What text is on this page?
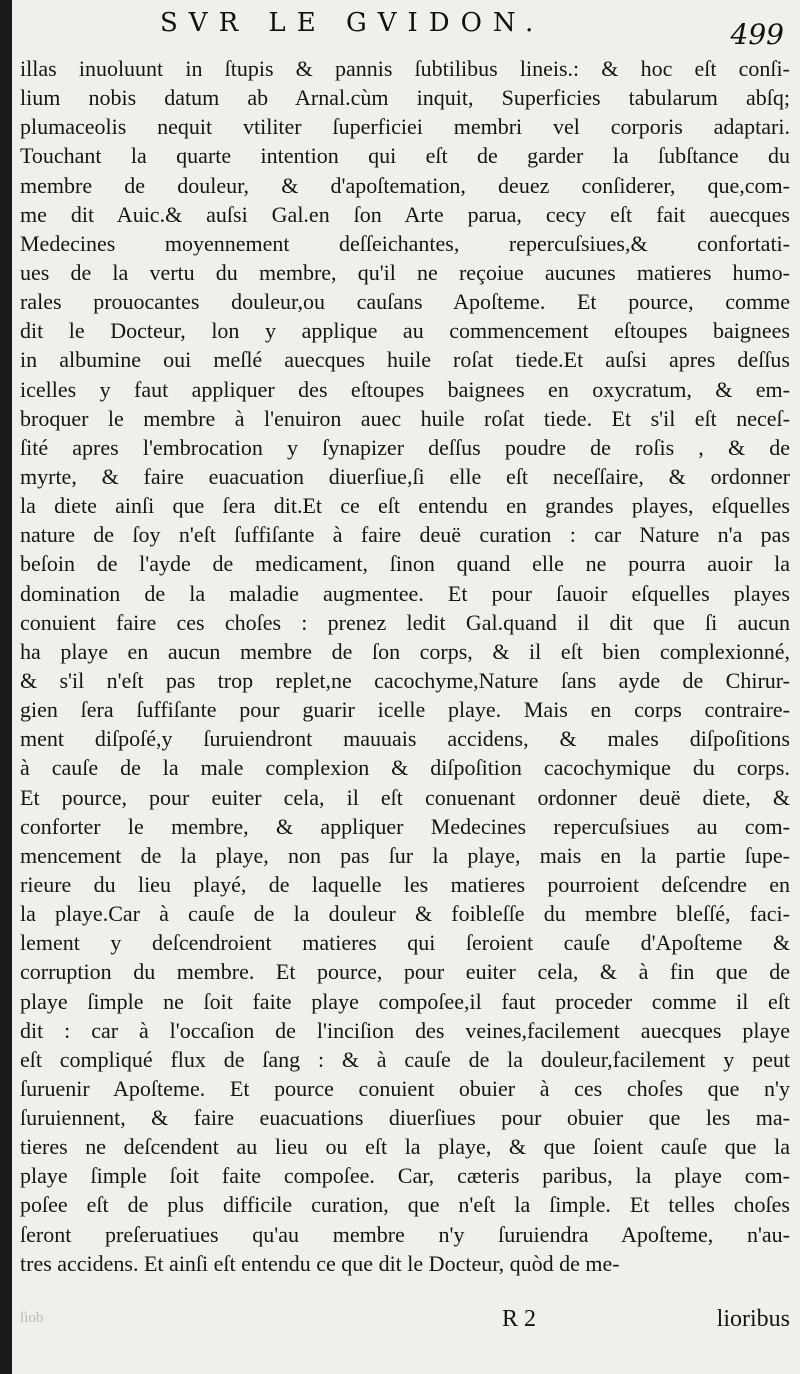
SVR LE GVIDON.	499
illas inuoluunt in ſtupis & pannis ſubtilibus lineis.: & hoc eſt conſi-
lium nobis datum ab Arnal.cùm inquit, Superficies tabularum abſq;
plumaceolis nequit vtiliter ſuperficiei membri vel corporis adaptari.
Touchant la quarte intention qui eſt de garder la ſubſtance du
membre de douleur, & d'apoſtemation, deuez conſiderer, que,com-
me dit Auic.& auſsi Gal.en ſon Arte parua, cecy eſt fait auecques
Medecines moyennement deſſeichantes, repercuſsiues,& confortati-
ues de la vertu du membre, qu'il ne reçoiue aucunes matieres humo-
rales prouocantes douleur,ou cauſans Apoſteme. Et pource, comme
dit le Docteur, lon y applique au commencement eſtoupes baignees
in albumine oui meſlé auecques huile roſat tiede.Et auſsi apres deſſus
icelles y faut appliquer des eſtoupes baignees en oxycratum, & em-
broquer le membre à l'enuiron auec huile roſat tiede. Et s'il eſt neceſ-
ſité apres l'embrocation y ſynapizer deſſus poudre de roſis , & de
myrte, & faire euacuation diuerſiue,ſi elle eſt neceſſaire, & ordonner
la diete ainſi que ſera dit.Et ce eſt entendu en grandes playes, eſquelles
nature de ſoy n'eſt ſuffiſante à faire deuë curation : car Nature n'a pas
beſoin de l'ayde de medicament, ſinon quand elle ne pourra auoir la
domination de la maladie augmentee. Et pour ſauoir eſquelles playes
conuient faire ces choſes : prenez ledit Gal.quand il dit que ſi aucun
ha playe en aucun membre de ſon corps, & il eſt bien complexionné,
& s'il n'eſt pas trop replet,ne cacochyme,Nature ſans ayde de Chirur-
gien ſera ſuffiſante pour guarir icelle playe. Mais en corps contraire-
ment diſpoſé,y ſuruiendront mauuais accidens, & males diſpoſitions
à cauſe de la male complexion & diſpoſition cacochymique du corps.
Et pource, pour euiter cela, il eſt conuenant ordonner deuë diete, &
conforter le membre, & appliquer Medecines repercuſsiues au com-
mencement de la playe, non pas ſur la playe, mais en la partie ſupe-
rieure du lieu playé, de laquelle les matieres pourroient deſcendre en
la playe.Car à cauſe de la douleur & foibleſſe du membre bleſſé, faci-
lement y deſcendroient matieres qui ſeroient cauſe d'Apoſteme &
corruption du membre. Et pource, pour euiter cela, & à fin que de
playe ſimple ne ſoit faite playe compoſee,il faut proceder comme il eſt
dit : car à l'occaſion de l'inciſion des veines,facilement auecques playe
eſt compliqué flux de ſang : & à cauſe de la douleur,facilement y peut
ſuruenir Apoſteme. Et pource conuient obuier à ces choſes que n'y
ſuruiennent, & faire euacuations diuerſiues pour obuier que les ma-
tieres ne deſcendent au lieu ou eſt la playe, & que ſoient cauſe que la
playe ſimple ſoit faite compoſee. Car, cæteris paribus, la playe com-
poſee eſt de plus difficile curation, que n'eſt la ſimple. Et telles choſes
ſeront preſeruatiues qu'au membre n'y ſuruiendra Apoſteme, n'au-
tres accidens. Et ainſi eſt entendu ce que dit le Docteur, quòd de me-
ſiob	R 2	lioribus
